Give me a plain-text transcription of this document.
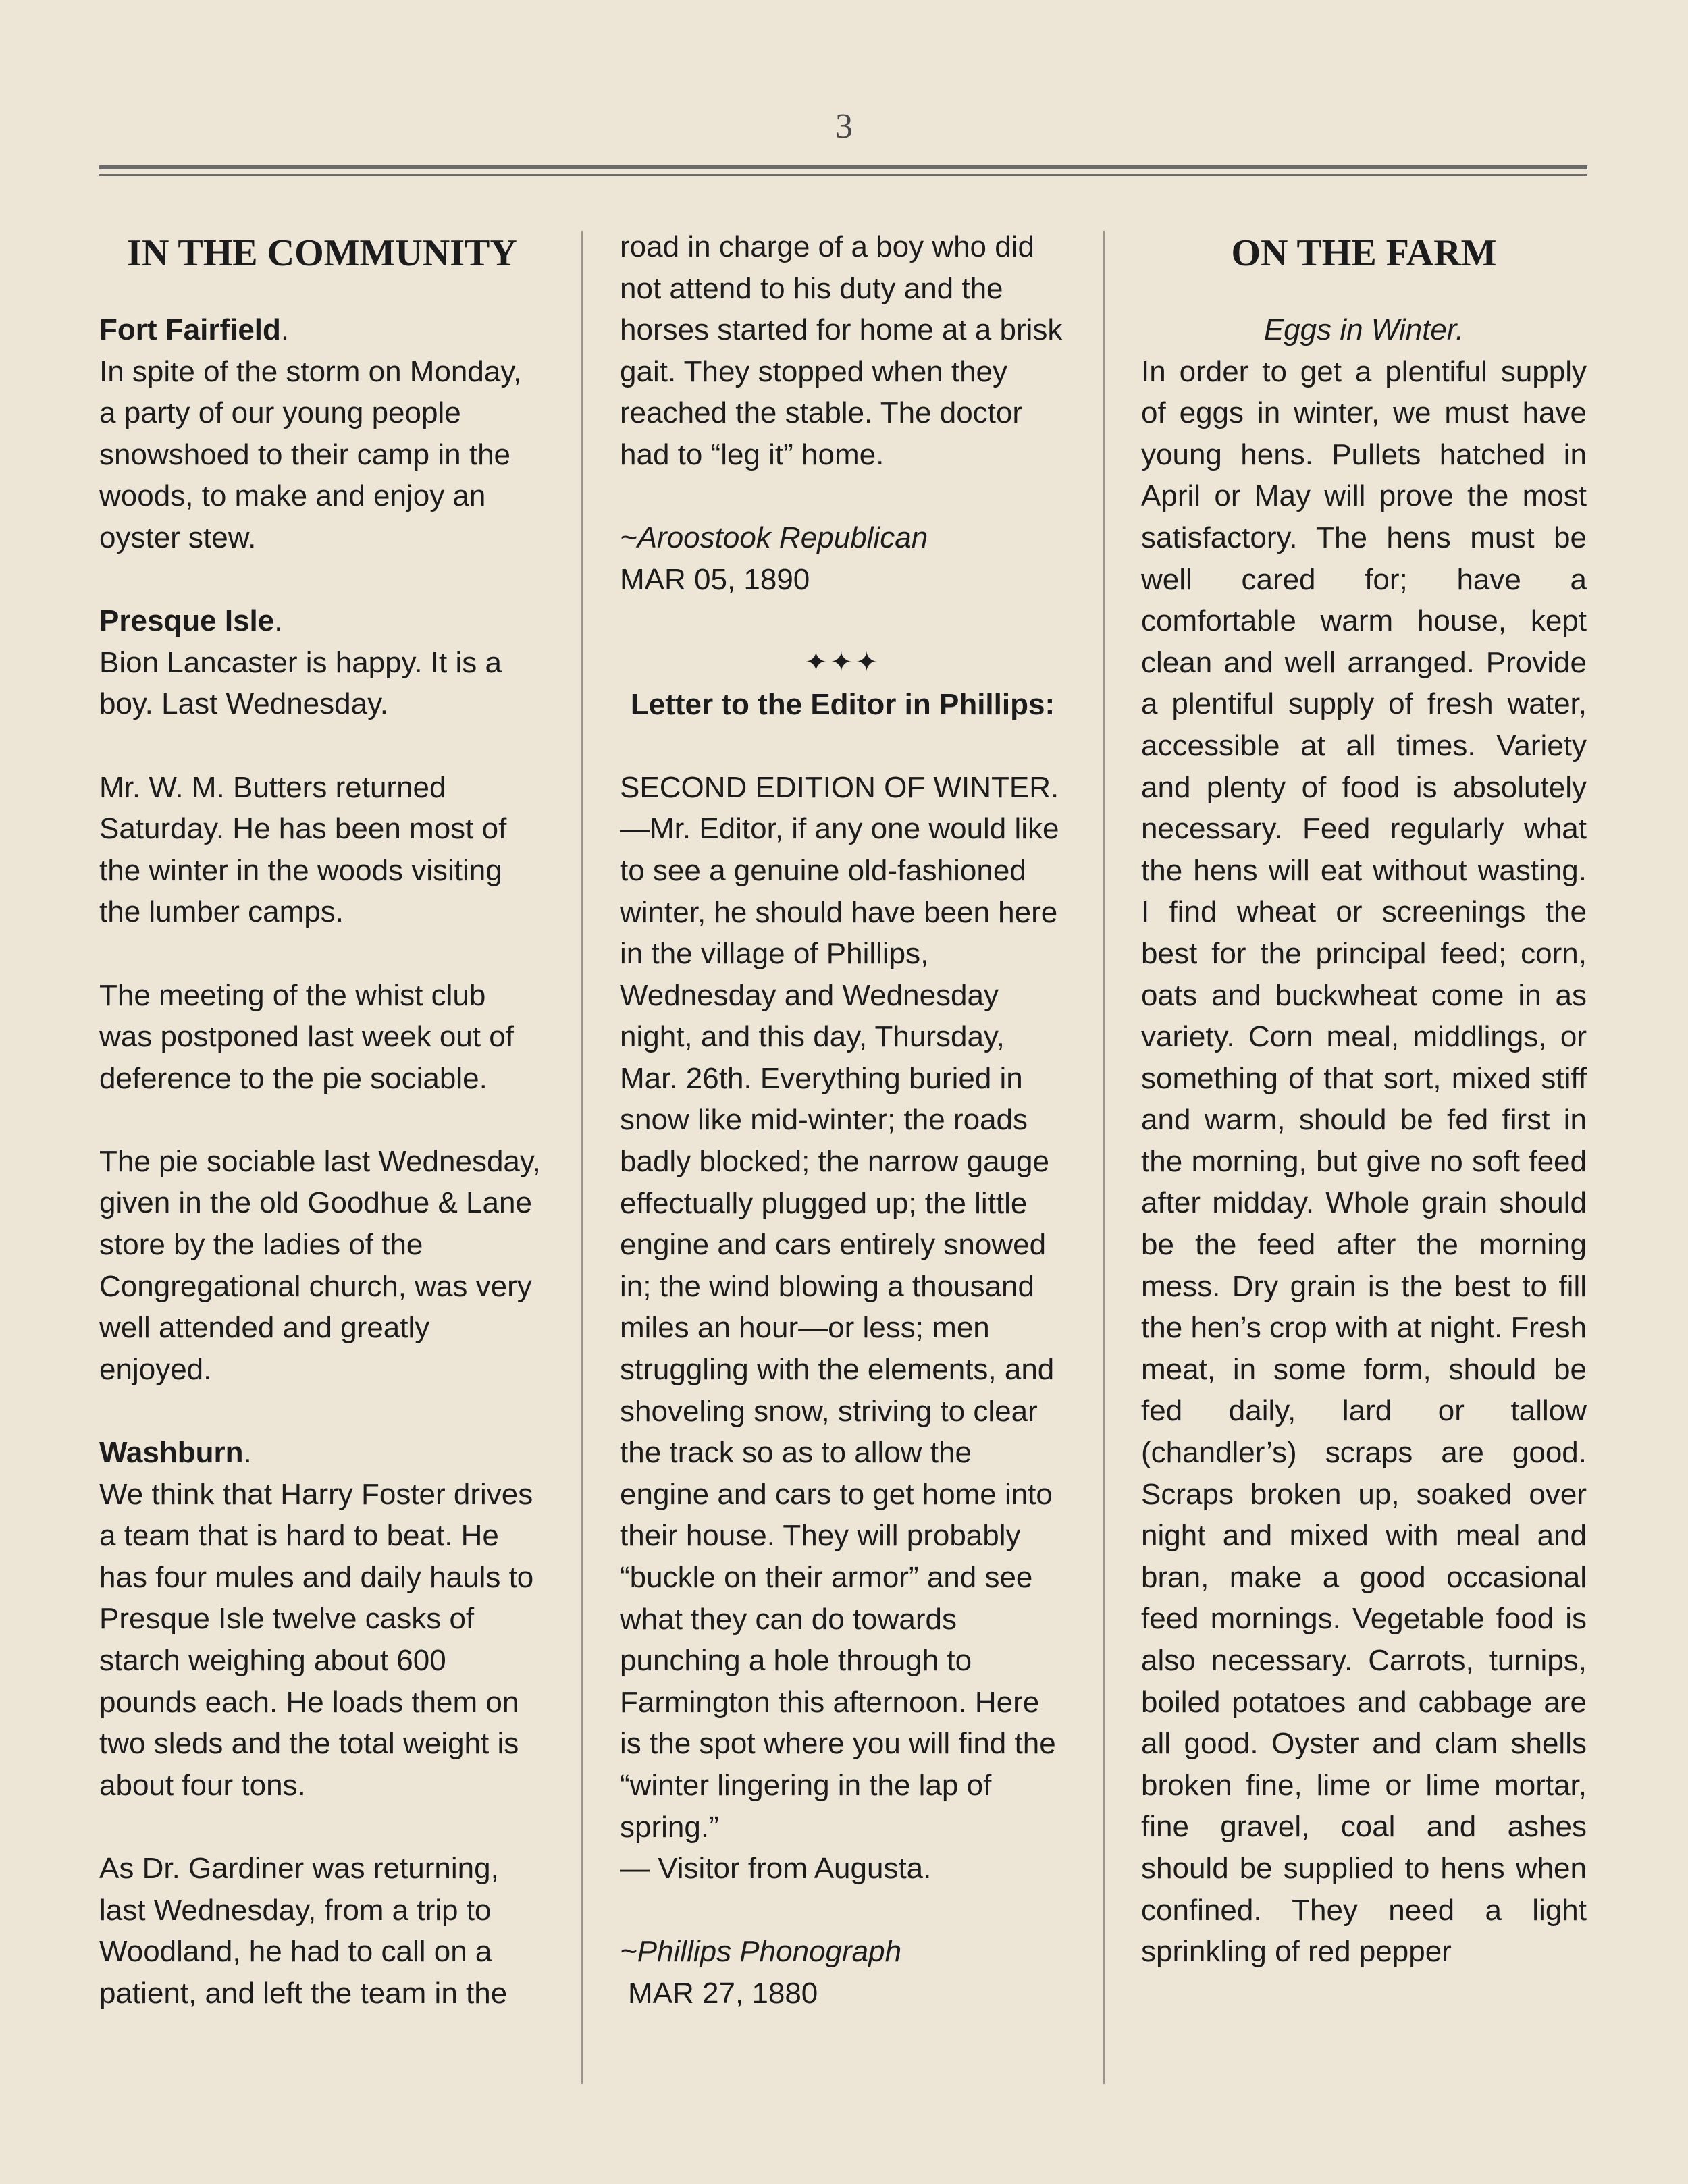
3
IN THE COMMUNITY

Fort Fairfield.

In spite of the storm on Monday, a party of our young people snowshoed to their camp in the woods, to make and enjoy an oyster stew.

Presque Isle.

Bion Lancaster is happy. It is a boy. Last Wednesday.

Mr. W. M. Butters returned Saturday. He has been most of the winter in the woods visiting the lumber camps.

The meeting of the whist club was postponed last week out of deference to the pie sociable.

The pie sociable last Wednesday, given in the old Goodhue & Lane store by the ladies of the Congregational church, was very well attended and greatly enjoyed.

Washburn.

We think that Harry Foster drives a team that is hard to beat. He has four mules and daily hauls to Presque Isle twelve casks of starch weighing about 600 pounds each. He loads them on two sleds and the total weight is about four tons.

As Dr. Gardiner was returning, last Wednesday, from a trip to Woodland, he had to call on a patient, and left the team in the

road in charge of a boy who did not attend to his duty and the horses started for home at a brisk gait. They stopped when they reached the stable. The doctor had to “leg it” home.

~Aroostook Republican

MAR 05, 1890

✦✦✦

Letter to the Editor in Phillips:

SECOND EDITION OF WINTER.—Mr. Editor, if any one would like to see a genuine old-fashioned winter, he should have been here in the village of Phillips, Wednesday and Wednesday night, and this day, Thursday, Mar. 26th. Everything buried in snow like mid-winter; the roads badly blocked; the narrow gauge effectually plugged up; the little engine and cars entirely snowed in; the wind blowing a thousand miles an hour—or less; men struggling with the elements, and shoveling snow, striving to clear the track so as to allow the engine and cars to get home into their house. They will probably “buckle on their armor” and see what they can do towards punching a hole through to Farmington this afternoon. Here is the spot where you will find the “winter lingering in the lap of spring.”

— Visitor from Augusta.

~Phillips Phonograph

MAR 27, 1880

ON THE FARM

Eggs in Winter.

In order to get a plentiful supply of eggs in winter, we must have young hens. Pullets hatched in April or May will prove the most satisfactory. The hens must be well cared for; have a comfortable warm house, kept clean and well arranged. Provide a plentiful supply of fresh water, accessible at all times. Variety and plenty of food is absolutely necessary. Feed regularly what the hens will eat without wasting. I find wheat or screenings the best for the principal feed; corn, oats and buckwheat come in as variety. Corn meal, middlings, or something of that sort, mixed stiff and warm, should be fed first in the morning, but give no soft feed after midday. Whole grain should be the feed after the morning mess. Dry grain is the best to fill the hen’s crop with at night. Fresh meat, in some form, should be fed daily, lard or tallow (chandler’s) scraps are good. Scraps broken up, soaked over night and mixed with meal and bran, make a good occasional feed mornings. Vegetable food is also necessary. Carrots, turnips, boiled potatoes and cabbage are all good. Oyster and clam shells broken fine, lime or lime mortar, fine gravel, coal and ashes should be supplied to hens when confined. They need a light sprinkling of red pepper
